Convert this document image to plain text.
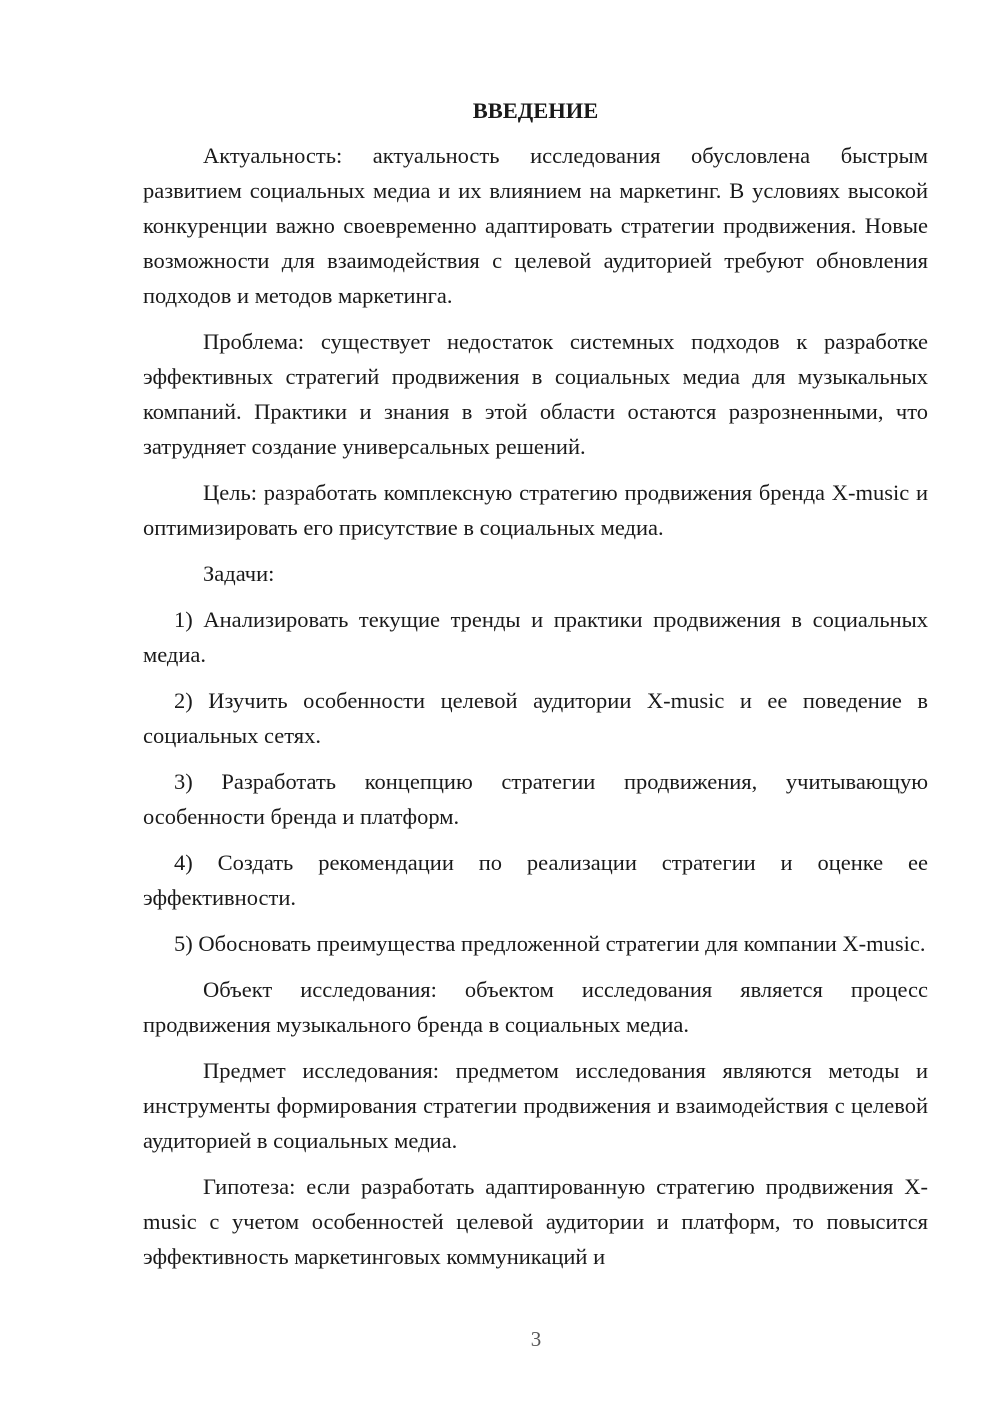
ВВЕДЕНИЕ

Актуальность: актуальность исследования обусловлена быстрым развитием социальных медиа и их влиянием на маркетинг. В условиях высокой конкуренции важно своевременно адаптировать стратегии продвижения. Новые возможности для взаимодействия с целевой аудиторией требуют обновления подходов и методов маркетинга.

Проблема: существует недостаток системных подходов к разработке эффективных стратегий продвижения в социальных медиа для музыкальных компаний. Практики и знания в этой области остаются разрозненными, что затрудняет создание универсальных решений.

Цель: разработать комплексную стратегию продвижения бренда X-music и оптимизировать его присутствие в социальных медиа.

Задачи:

1) Анализировать текущие тренды и практики продвижения в социальных медиа.

2) Изучить особенности целевой аудитории X-music и ее поведение в социальных сетях.

3) Разработать концепцию стратегии продвижения, учитывающую особенности бренда и платформ.

4) Создать рекомендации по реализации стратегии и оценке ее эффективности.

5) Обосновать преимущества предложенной стратегии для компании X-music.

Объект исследования: объектом исследования является процесс продвижения музыкального бренда в социальных медиа.

Предмет исследования: предметом исследования являются методы и инструменты формирования стратегии продвижения и взаимодействия с целевой аудиторией в социальных медиа.

Гипотеза: если разработать адаптированную стратегию продвижения X-music с учетом особенностей целевой аудитории и платформ, то повысится эффективность маркетинговых коммуникаций и

3
